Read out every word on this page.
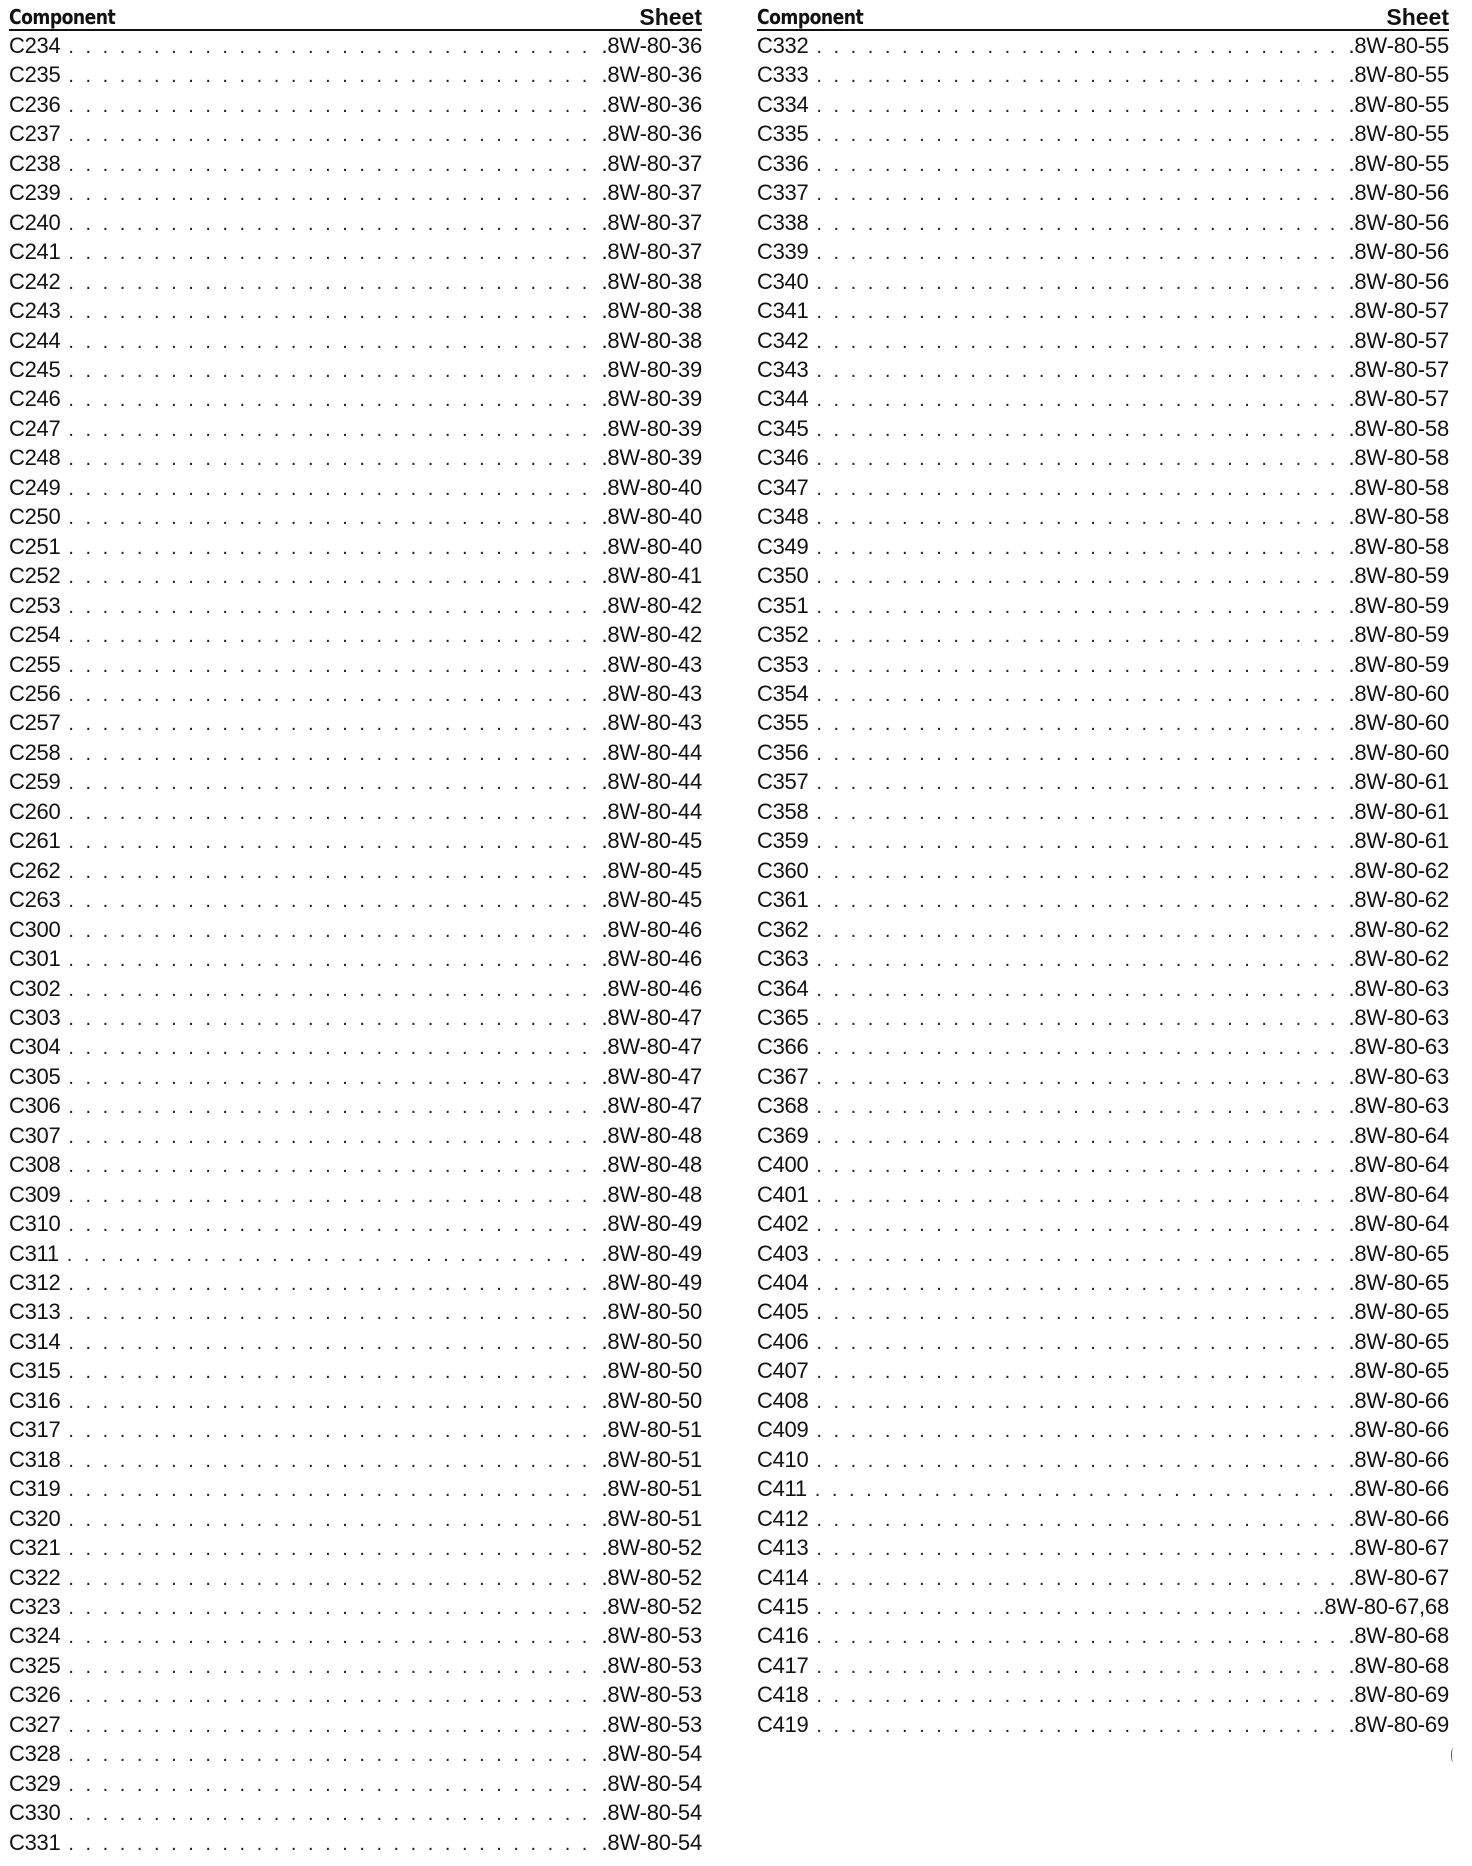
Component	Sheet
C234 . . .	.8W-80-36
C235 . . .	.8W-80-36
C236 . . .	.8W-80-36
C237 . . .	.8W-80-36
C238 . . .	.8W-80-37
C239 . . .	.8W-80-37
C240 . . .	.8W-80-37
C241 . . .	.8W-80-37
C242 . . .	.8W-80-38
C243 . . .	.8W-80-38
C244 . . .	.8W-80-38
C245 . . .	.8W-80-39
C246 . . .	.8W-80-39
C247 . . .	.8W-80-39
C248 . . .	.8W-80-39
C249 . . .	.8W-80-40
C250 . . .	.8W-80-40
C251 . . .	.8W-80-40
C252 . . .	.8W-80-41
C253 . . .	.8W-80-42
C254 . . .	.8W-80-42
C255 . . .	.8W-80-43
C256 . . .	.8W-80-43
C257 . . .	.8W-80-43
C258 . . .	.8W-80-44
C259 . . .	.8W-80-44
C260 . . .	.8W-80-44
C261 . . .	.8W-80-45
C262 . . .	.8W-80-45
C263 . . .	.8W-80-45
C300 . . .	.8W-80-46
C301 . . .	.8W-80-46
C302 . . .	.8W-80-46
C303 . . .	.8W-80-47
C304 . . .	.8W-80-47
C305 . . .	.8W-80-47
C306 . . .	.8W-80-47
C307 . . .	.8W-80-48
C308 . . .	.8W-80-48
C309 . . .	.8W-80-48
C310 . . .	.8W-80-49
C311 . . .	.8W-80-49
C312 . . .	.8W-80-49
C313 . . .	.8W-80-50
C314 . . .	.8W-80-50
C315 . . .	.8W-80-50
C316 . . .	.8W-80-50
C317 . . .	.8W-80-51
C318 . . .	.8W-80-51
C319 . . .	.8W-80-51
C320 . . .	.8W-80-51
C321 . . .	.8W-80-52
C322 . . .	.8W-80-52
C323 . . .	.8W-80-52
C324 . . .	.8W-80-53
C325 . . .	.8W-80-53
C326 . . .	.8W-80-53
C327 . . .	.8W-80-53
C328 . . .	.8W-80-54
C329 . . .	.8W-80-54
C330 . . .	.8W-80-54
C331 . . .	.8W-80-54
Component	Sheet
C332 . . .	.8W-80-55
C333 . . .	.8W-80-55
C334 . . .	.8W-80-55
C335 . . .	.8W-80-55
C336 . . .	.8W-80-55
C337 . . .	.8W-80-56
C338 . . .	.8W-80-56
C339 . . .	.8W-80-56
C340 . . .	.8W-80-56
C341 . . .	.8W-80-57
C342 . . .	.8W-80-57
C343 . . .	.8W-80-57
C344 . . .	.8W-80-57
C345 . . .	.8W-80-58
C346 . . .	.8W-80-58
C347 . . .	.8W-80-58
C348 . . .	.8W-80-58
C349 . . .	.8W-80-58
C350 . . .	.8W-80-59
C351 . . .	.8W-80-59
C352 . . .	.8W-80-59
C353 . . .	.8W-80-59
C354 . . .	.8W-80-60
C355 . . .	.8W-80-60
C356 . . .	.8W-80-60
C357 . . .	.8W-80-61
C358 . . .	.8W-80-61
C359 . . .	.8W-80-61
C360 . . .	.8W-80-62
C361 . . .	.8W-80-62
C362 . . .	.8W-80-62
C363 . . .	.8W-80-62
C364 . . .	.8W-80-63
C365 . . .	.8W-80-63
C366 . . .	.8W-80-63
C367 . . .	.8W-80-63
C368 . . .	.8W-80-63
C369 . . .	.8W-80-64
C400 . . .	.8W-80-64
C401 . . .	.8W-80-64
C402 . . .	.8W-80-64
C403 . . .	.8W-80-65
C404 . . .	.8W-80-65
C405 . . .	.8W-80-65
C406 . . .	.8W-80-65
C407 . . .	.8W-80-65
C408 . . .	.8W-80-66
C409 . . .	.8W-80-66
C410 . . .	.8W-80-66
C411 . . .	.8W-80-66
C412 . . .	.8W-80-66
C413 . . .	.8W-80-67
C414 . . .	.8W-80-67
C415 . . .	.8W-80-67,68
C416 . . .	.8W-80-68
C417 . . .	.8W-80-68
C418 . . .	.8W-80-69
C419 . . .	.8W-80-69
